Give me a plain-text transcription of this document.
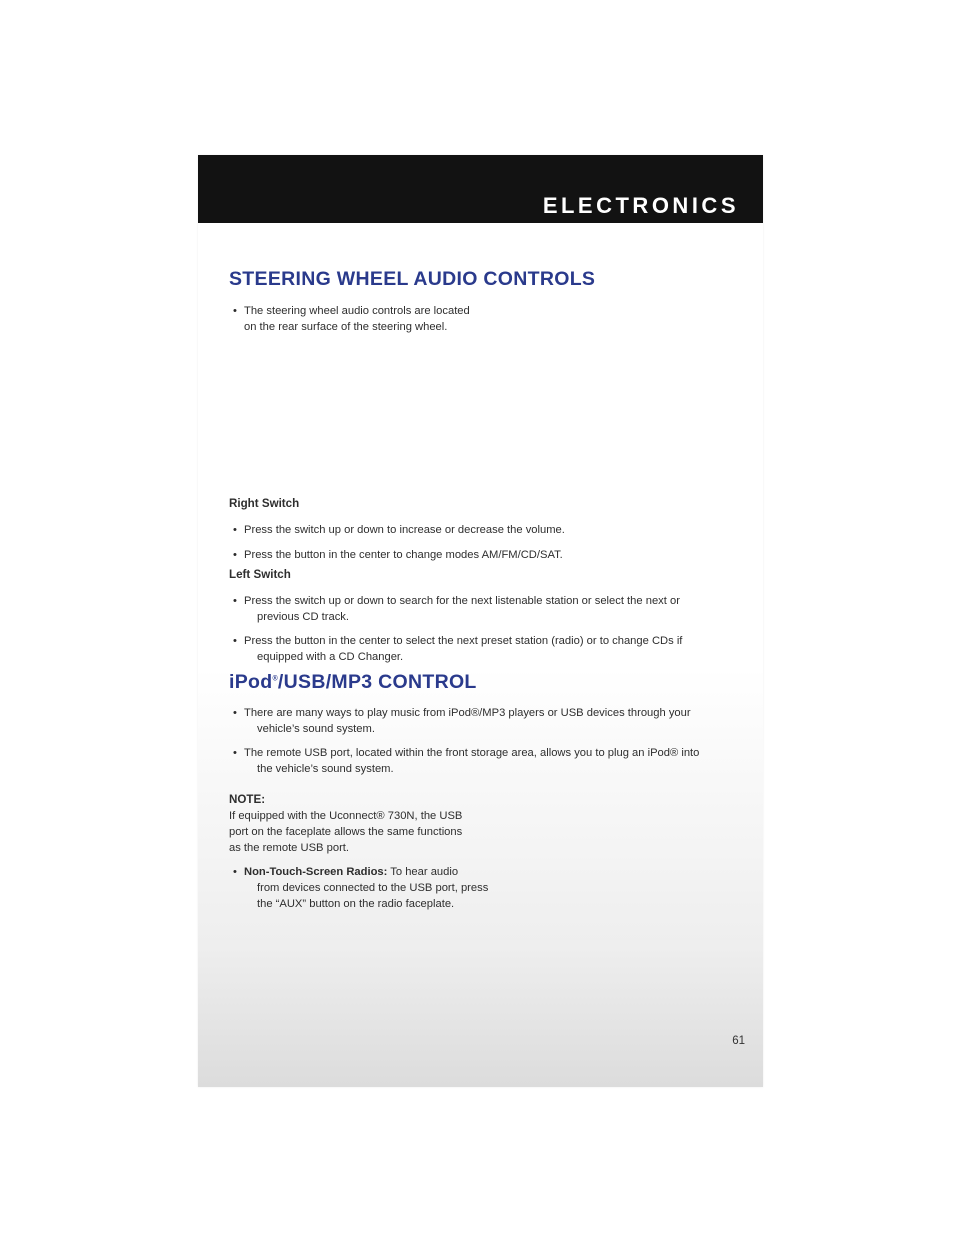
ELECTRONICS
STEERING WHEEL AUDIO CONTROLS
• The steering wheel audio controls are located
on the rear surface of the steering wheel.
Right Switch
• Press the switch up or down to increase or decrease the volume.
• Press the button in the center to change modes AM/FM/CD/SAT.
Left Switch
• Press the switch up or down to search for the next listenable station or select the next or
previous CD track.
• Press the button in the center to select the next preset station (radio) or to change CDs if
equipped with a CD Changer.
iPod®/USB/MP3 CONTROL
• There are many ways to play music from iPod®/MP3 players or USB devices through your
vehicle’s sound system.
• The remote USB port, located within the front storage area, allows you to plug an iPod® into
the vehicle’s sound system.
NOTE:
If equipped with the Uconnect® 730N, the USB
port on the faceplate allows the same functions
as the remote USB port.
• Non-Touch-Screen Radios: To hear audio
from devices connected to the USB port, press
the “AUX” button on the radio faceplate.
61
